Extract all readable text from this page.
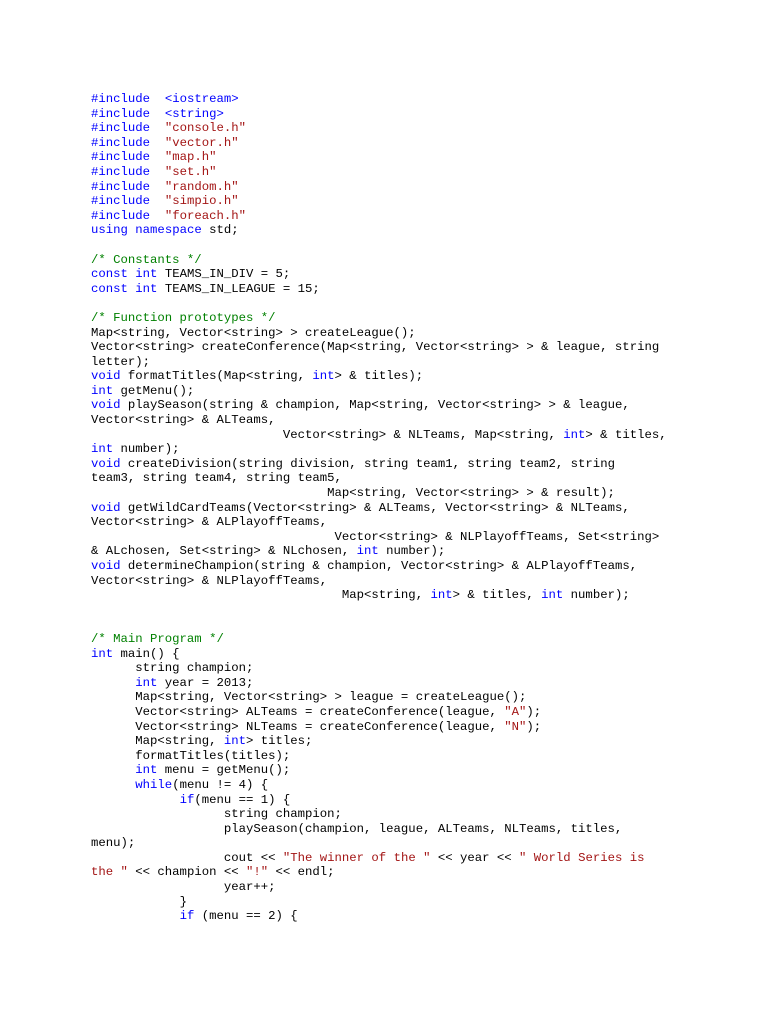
#include <iostream>
#include <string>
#include "console.h"
#include "vector.h"
#include "map.h"
#include "set.h"
#include "random.h"
#include "simpio.h"
#include "foreach.h"
using namespace std;
/* Constants */
const int TEAMS_IN_DIV = 5;
const int TEAMS_IN_LEAGUE = 15;
/* Function prototypes */
Map<string, Vector<string> > createLeague();
Vector<string> createConference(Map<string, Vector<string> > & league, string
letter);
void formatTitles(Map<string, int> & titles);
int getMenu();
void playSeason(string & champion, Map<string, Vector<string> > & league,
Vector<string> & ALTeams,
Vector<string> & NLTeams, Map<string, int> & titles,
int number);
void createDivision(string division, string team1, string team2, string
team3, string team4, string team5,
Map<string, Vector<string> > & result);
void getWildCardTeams(Vector<string> & ALTeams, Vector<string> & NLTeams,
Vector<string> & ALPlayoffTeams,
Vector<string> & NLPlayoffTeams, Set<string>
& ALchosen, Set<string> & NLchosen, int number);
void determineChampion(string & champion, Vector<string> & ALPlayoffTeams,
Vector<string> & NLPlayoffTeams,
Map<string, int> & titles, int number);
/* Main Program */
int main() {
	string champion;
	int year = 2013;
	Map<string, Vector<string> > league = createLeague();
	Vector<string> ALTeams = createConference(league, "A");
	Vector<string> NLTeams = createConference(league, "N");
	Map<string, int> titles;
	formatTitles(titles);
	int menu = getMenu();
	while(menu != 4) {
		if(menu == 1) {
			string champion;
			playSeason(champion, league, ALTeams, NLTeams, titles,
menu);
			cout << "The winner of the " << year << " World Series is
the " << champion << "!" << endl;
			year++;
		}
		if (menu == 2) {
